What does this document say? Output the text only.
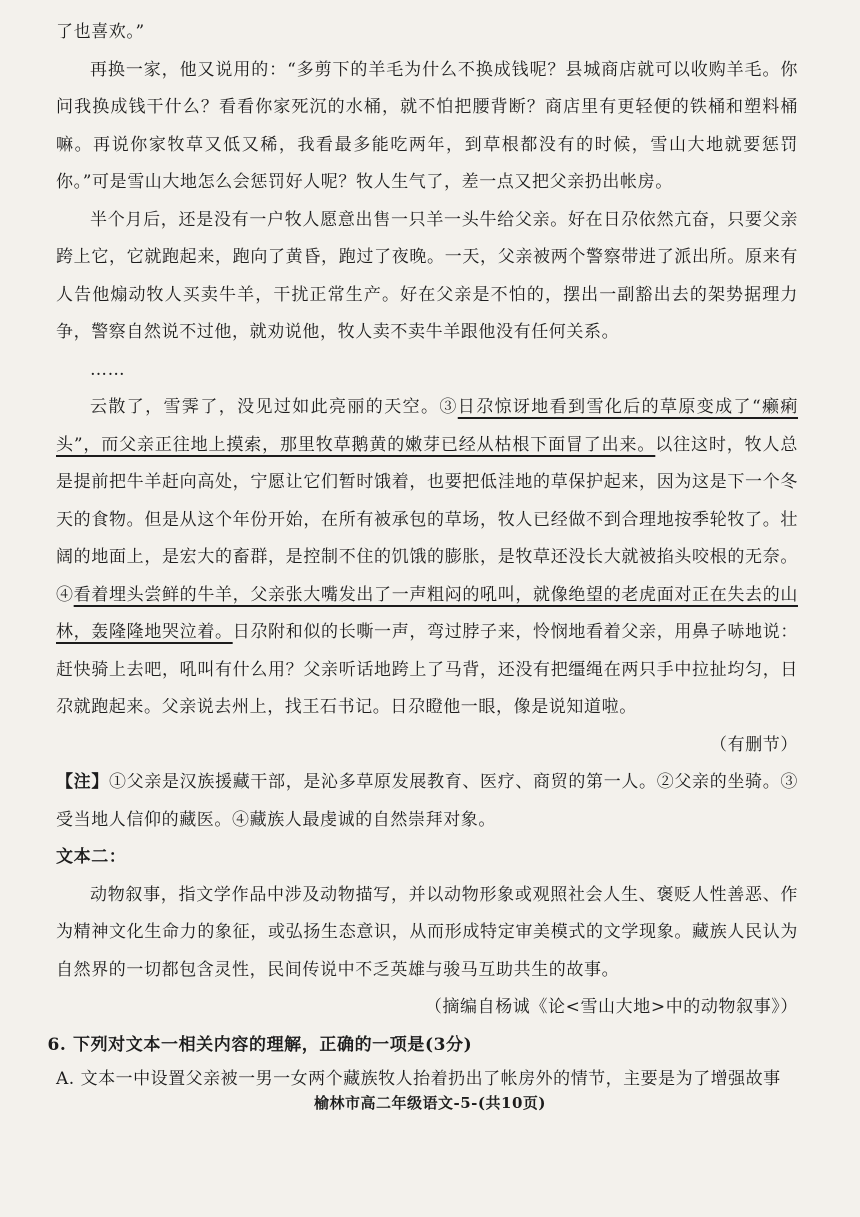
了也喜欢。”

再换一家，他又说用的：“多剪下的羊毛为什么不换成钱呢？县城商店就可以收购羊毛。你问我换成钱干什么？看看你家死沉的水桶，就不怕把腰背断？商店里有更轻便的铁桶和塑料桶嘛。再说你家牧草又低又稀，我看最多能吃两年，到草根都没有的时候，雪山大地就要惩罚你。”可是雪山大地怎么会惩罚好人呢？牧人生气了，差一点又把父亲扔出帐房。

半个月后，还是没有一户牧人愿意出售一只羊一头牛给父亲。好在日尕依然亢奋，只要父亲跨上它，它就跑起来，跑向了黄昏，跑过了夜晚。一天，父亲被两个警察带进了派出所。原来有人告他煽动牧人买卖牛羊，干扰正常生产。好在父亲是不怕的，摆出一副豁出去的架势据理力争，警察自然说不过他，就劝说他，牧人卖不卖牛羊跟他没有任何关系。

……

云散了，雪霁了，没见过如此亮丽的天空。③日尕惊讶地看到雪化后的草原变成了“癞痢头”，而父亲正往地上摸索，那里牧草鹅黄的嫩芽已经从枯根下面冒了出来。以往这时，牧人总是提前把牛羊赶向高处，宁愿让它们暂时饿着，也要把低洼地的草保护起来，因为这是下一个冬天的食物。但是从这个年份开始，在所有被承包的草场，牧人已经做不到合理地按季轮牧了。壮阔的地面上，是宏大的畜群，是控制不住的饥饿的膨胀，是牧草还没长大就被掐头咬根的无奈。④看着埋头尝鲜的牛羊，父亲张大嘴发出了一声粗闷的吼叫，就像绝望的老虎面对正在失去的山林，轰隆隆地哭泣着。日尕附和似的长嘶一声，弯过脖子来，怜悯地看着父亲，用鼻子哧地说：赶快骑上去吧，吼叫有什么用？父亲听话地跨上了马背，还没有把缰绳在两只手中拉扯均匀，日尕就跑起来。父亲说去州上，找王石书记。日尕瞪他一眼，像是说知道啦。

（有删节）

【注】①父亲是汉族援藏干部，是沁多草原发展教育、医疗、商贸的第一人。②父亲的坐骑。③受当地人信仰的藏医。④藏族人最虔诚的自然崇拜对象。

文本二：

动物叙事，指文学作品中涉及动物描写，并以动物形象或观照社会人生、褒贬人性善恶、作为精神文化生命力的象征，或弘扬生态意识，从而形成特定审美模式的文学现象。藏族人民认为自然界的一切都包含灵性，民间传说中不乏英雄与骏马互助共生的故事。

（摘编自杨诚《论<雪山大地>中的动物叙事》）

6. 下列对文本一相关内容的理解，正确的一项是(3分)

A. 文本一中设置父亲被一男一女两个藏族牧人抬着扔出了帐房外的情节，主要是为了增强故事

榆林市高二年级语文-5-(共10页)
